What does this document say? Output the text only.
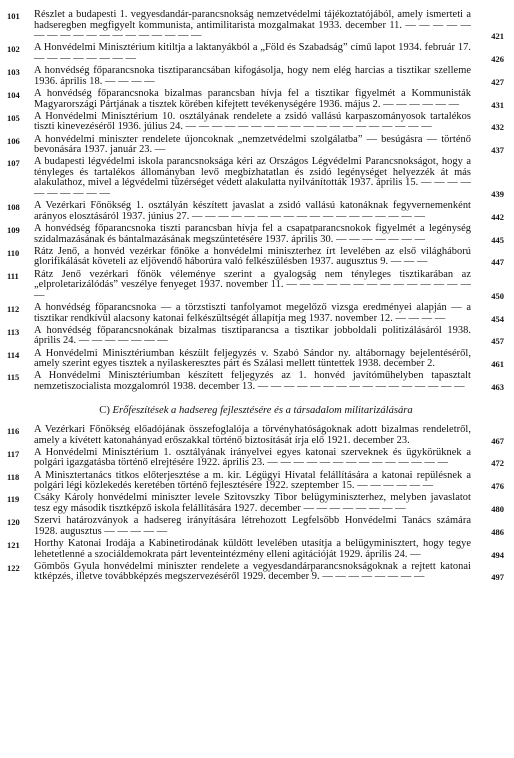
101	Részlet a budapesti 1. vegyesdandár-parancsnokság nemzetvédelmi tájékoztatójából, amely ismerteti a hadseregben megfigyelt kommunista, antimilitarista mozgalmakat 1933. december 11. — — — — — — — — — — — — — — — — — —	421
102	A Honvédelmi Minisztérium kitiltja a laktanyákból a „Föld és Szabadság” című lapot 1934. február 17. — — — — — — — —	426
103	A honvédség főparancsnoka tisztiparancsában kifogásolja, hogy nem elég harcias a tisztikar szelleme 1936. április 18. — — — —	427
104	A honvédség főparancsnoka bizalmas parancsban hívja fel a tisztikar figyelmét a Kommunisták Magyarországi Pártjának a tisztek körében kifejtett tevékenységére 1936. május 2. — — — — — —	431
105	A Honvédelmi Minisztérium 10. osztályának rendelete a zsidó vallású karpaszományosok tartalékos tiszti kinevezéséről 1936. július 24. — — — — — — — — — — — — — — — — — — —	432
106	A honvédelmi miniszter rendelete újoncoknak „nemzetvédelmi szolgálatba” — besúgásra — történő bevonására 1937. január 23. —	437
107	A budapesti légvédelmi iskola parancsnoksága kéri az Országos Légvédelmi Parancsnokságot, hogy a tényleges és tartalékos állományban levő megbízhatatlan és zsidó legénységet helyezzék át más alakulathoz, mivel a légvédelmi tűzérséget védett alakulatta nyilvánították 1937. április 15. — — — — — — — — — —	439
108	A Vezérkari Főnökség 1. osztályán készített javaslat a zsidó vallású katonáknak fegyvernemenként arányos elosztásáról 1937. június 27. — — — — — — — — — — — — — — — — — —	442
109	A honvédség főparancsnoka tiszti parancsban hívja fel a csapatparancsnokok figyelmét a legénység szidalmazásának és bántalmazásának megszüntetésére 1937. április 30. — — — — — — —	445
110	Rátz Jenő, a honvéd vezérkar főnöke a honvédelmi miniszterhez írt levelében az első világháború glorifikálását követeli az eljövendő háborúra való felkészülésben 1937. augusztus 9. — — —	447
111	Rátz Jenő vezérkari főnök véleménye szerint a gyalogság nem tényleges tisztikarában az „elproletarizálódás” veszélye fenyeget 1937. november 11. — — — — — — — — — — — — — — —	450
112	A honvédség főparancsnoka — a törzstiszti tanfolyamot megelőző vizsga eredményei alapján — a tisztikar rendkívül alacsony katonai felkészültségét állapítja meg 1937. november 12. — — — —	454
113	A honvédség főparancsnokának bizalmas tisztiparancsa a tisztikar jobboldali politizálásáról 1938. április 24. — — — — — — —	457
114	A Honvédelmi Minisztériumban készült feljegyzés v. Szabó Sándor ny. altábornagy bejelentéséről, amely szerint egyes tisztek a nyilaskeresztes párt és Szálasi mellett tüntettek 1938. december 2.	461
115	A Honvédelmi Minisztériumban készített feljegyzés az 1. honvéd javítóműhelyben tapasztalt nemzetiszocialista mozgalomról 1938. december 13. — — — — — — — — — — — — — — — —	463
C) Erőfeszítések a hadsereg fejlesztésére és a társadalom militarizálására
116	A Vezérkari Főnökség előadójának összefoglalója a törvényhatóságoknak adott bizalmas rendeletről, amely a kívétett katonahányad erőszakkal történő biztosítását írja elő 1921. december 23.	467
117	A Honvédelmi Minisztérium 1. osztályának irányelvei egyes katonai szerveknek és ügykörüknek a polgári igazgatásba történő elrejtésére 1922. április 23. — — — — — — — — — — — — — —	472
118	A Minisztertanács titkos előterjesztése a m. kir. Légügyi Hivatal felállítására a katonai repülésnek a polgári légi közlekedés keretében történő fejlesztésére 1922. szeptember 15. — — — — — —	476
119	Csáky Károly honvédelmi miniszter levele Szitovszky Tibor belügyminiszterhez, melyben javaslatot tesz egy második tisztképző iskola felállítására 1927. december — — — — — — — —	480
120	Szervi határozványok a hadsereg irányítására létrehozott Legfelsőbb Honvédelmi Tanács számára 1928. augusztus — — — — —	486
121	Horthy Katonai Irodája a Kabinetirodának küldött levelében utasítja a belügyminisztert, hogy tegye lehetetlenné a szociáldemokrata párt leventeintézmény elleni agitációját 1929. április 24. —	494
122	Gömbös Gyula honvédelmi miniszter rendelete a vegyesdandárparancsnokságoknak a rejtett katonai ktképzés, illetve továbbképzés megszervezéséről 1929. december 9. — — — — — — — —	497
